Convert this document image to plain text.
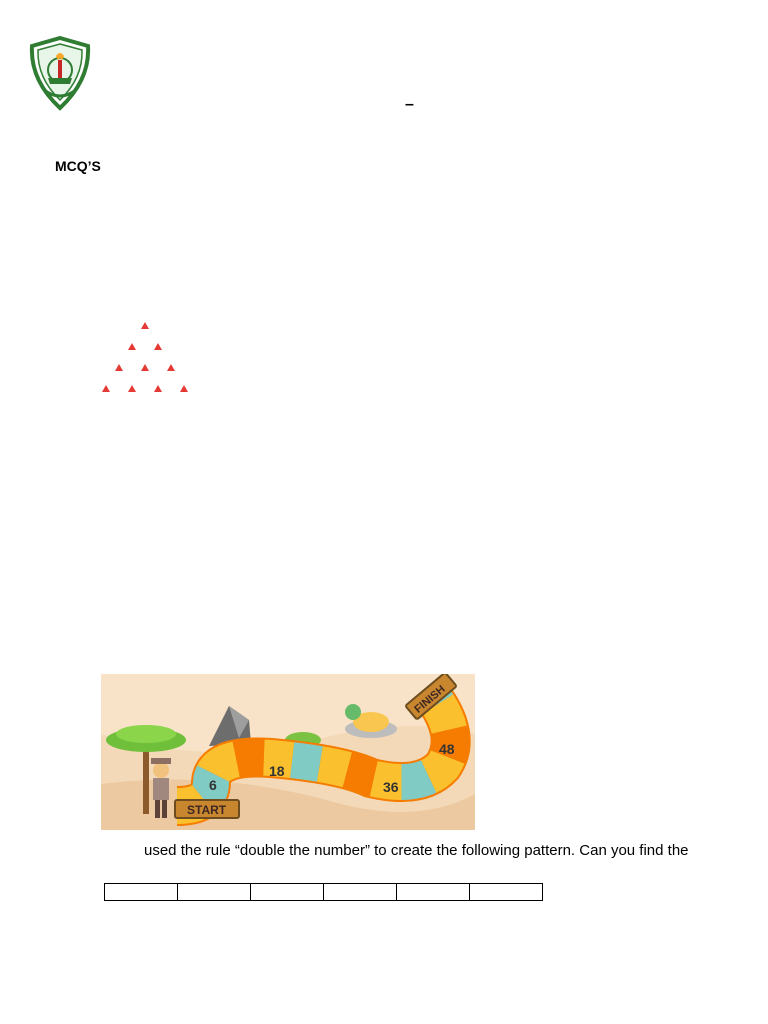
–
MCQ’S
6
18
36
48
START
FINISH
used the rule “double the number” to create the following pattern. Can you find the
